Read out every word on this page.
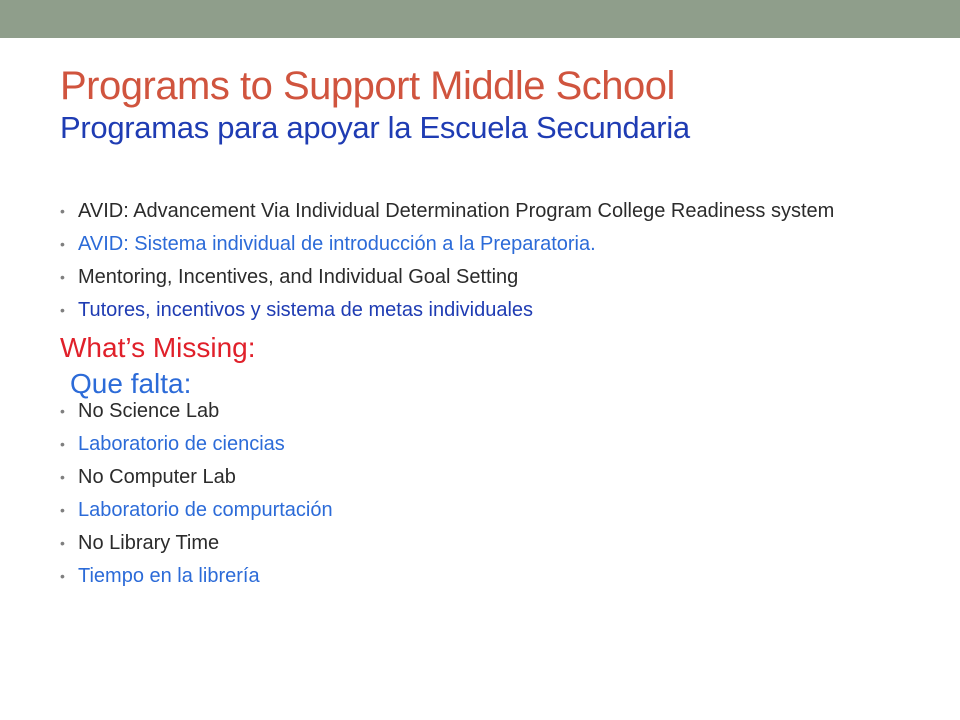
Programs to Support Middle School
Programas para apoyar la Escuela Secundaria
• AVID: Advancement Via Individual Determination Program College Readiness system
• AVID: Sistema individual de introducción a la Preparatoria.
• Mentoring, Incentives, and Individual Goal Setting
• Tutores, incentivos y sistema de metas individuales
What’s Missing:
Que falta:
• No Science Lab
• Laboratorio de ciencias
• No Computer Lab
• Laboratorio de compurtación
• No Library Time
• Tiempo en la librería
